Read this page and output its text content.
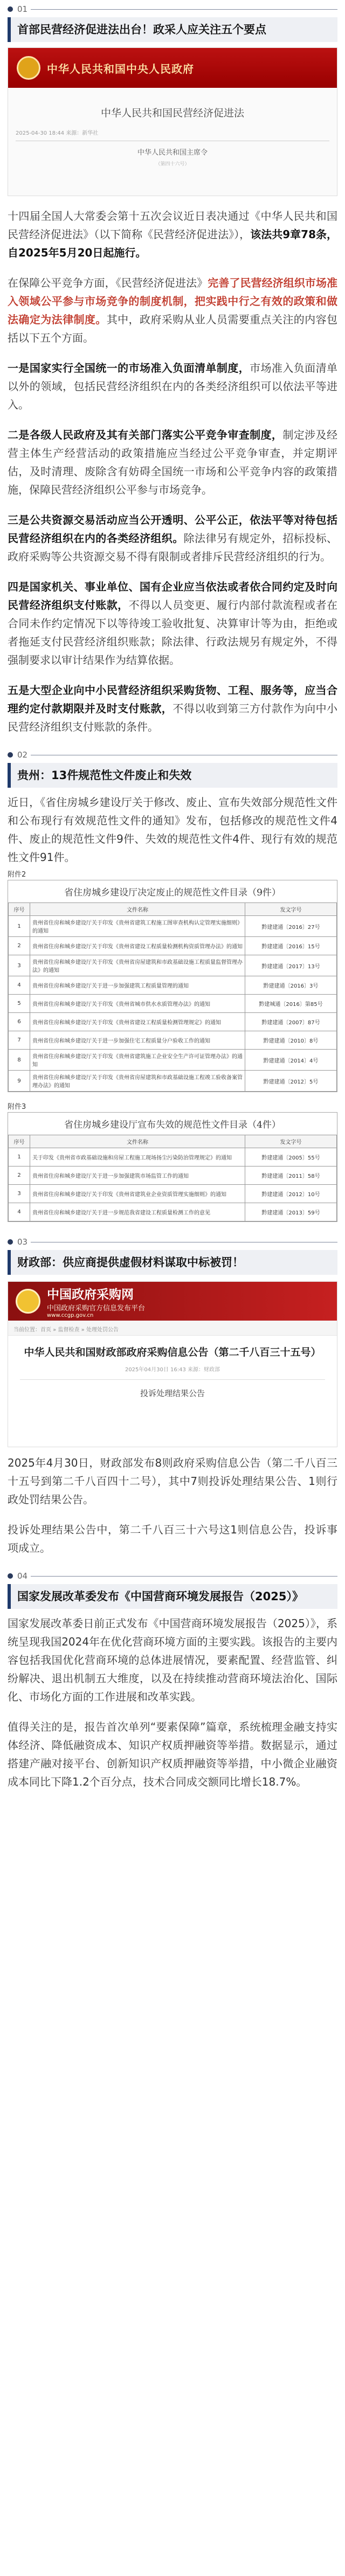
01
首部民营经济促进法出台！政采人应关注五个要点
中华人民共和国中央人民政府
中华人民共和国民营经济促进法
2025-04-30 18:44 来源：新华社
中华人民共和国主席令
（第四十六号）

十四届全国人大常委会第十五次会议近日表决通过《中华人民共和国民营经济促进法》（以下简称《民营经济促进法》），该法共9章78条，自2025年5月20日起施行。

在保障公平竞争方面，《民营经济促进法》完善了民营经济组织市场准入领域公平参与市场竞争的制度机制，把实践中行之有效的政策和做法确定为法律制度。其中，政府采购从业人员需要重点关注的内容包括以下五个方面。

一是国家实行全国统一的市场准入负面清单制度，市场准入负面清单以外的领域，包括民营经济组织在内的各类经济组织可以依法平等进入。

二是各级人民政府及其有关部门落实公平竞争审查制度，制定涉及经营主体生产经营活动的政策措施应当经过公平竞争审查，并定期评估，及时清理、废除含有妨碍全国统一市场和公平竞争内容的政策措施，保障民营经济组织公平参与市场竞争。

三是公共资源交易活动应当公开透明、公平公正，依法平等对待包括民营经济组织在内的各类经济组织。除法律另有规定外，招标投标、政府采购等公共资源交易不得有限制或者排斥民营经济组织的行为。

四是国家机关、事业单位、国有企业应当依法或者依合同约定及时向民营经济组织支付账款，不得以人员变更、履行内部付款流程或者在合同未作约定情况下以等待竣工验收批复、决算审计等为由，拒绝或者拖延支付民营经济组织账款；除法律、行政法规另有规定外，不得强制要求以审计结果作为结算依据。

五是大型企业向中小民营经济组织采购货物、工程、服务等，应当合理约定付款期限并及时支付账款，不得以收到第三方付款作为向中小民营经济组织支付账款的条件。

02
贵州：13件规范性文件废止和失效

近日，《省住房城乡建设厅关于修改、废止、宣布失效部分规范性文件和公布现行有效规范性文件的通知》发布，包括修改的规范性文件4件、废止的规范性文件9件、失效的规范性文件4件、现行有效的规范性文件91件。

附件2
省住房城乡建设厅决定废止的规范性文件目录（9件）
序号	文件名称	发文字号
1	贵州省住房和城乡建设厅关于印发《贵州省建筑工程施工图审查机构认定管理实施细则》的通知	黔建建通〔2016〕27号
2	贵州省住房和城乡建设厅关于印发《贵州省建设工程质量检测机构资质管理办法》的通知	黔建建通〔2016〕15号
3	贵州省住房和城乡建设厅关于印发《贵州省房屋建筑和市政基础设施工程质量监督管理办法》的通知	黔建建通〔2017〕13号
4	贵州省住房和城乡建设厅关于进一步加强建筑工程质量管理的通知	黔建建通〔2016〕3号
5	贵州省住房和城乡建设厅关于印发《贵州省城市供水水质管理办法》的通知	黔建城通〔2016〕第85号
6	贵州省住房和城乡建设厅关于印发《贵州省建设工程质量检测管理规定》的通知	黔建建通〔2007〕87号
7	贵州省住房和城乡建设厅关于进一步加强住宅工程质量分户验收工作的通知	黔建建通〔2010〕8号
8	贵州省住房和城乡建设厅关于印发《贵州省建筑施工企业安全生产许可证管理办法》的通知	黔建建通〔2014〕4号
9	贵州省住房和城乡建设厅关于印发《贵州省房屋建筑和市政基础设施工程竣工验收备案管理办法》的通知	黔建建通〔2012〕5号
附件3
省住房城乡建设厅宣布失效的规范性文件目录（4件）
序号	文件名称	发文字号
1	关于印发《贵州省市政基础设施和房屋工程施工现场扬尘污染防治管理规定》的通知	黔建建通〔2005〕55号
2	贵州省住房和城乡建设厅关于进一步加强建筑市场监管工作的通知	黔建建通〔2011〕58号
3	贵州省住房和城乡建设厅关于印发《贵州省建筑业企业资质管理实施细则》的通知	黔建建通〔2012〕10号
4	贵州省住房和城乡建设厅关于进一步规范我省建设工程质量检测工作的意见	黔建建通〔2013〕59号
03
财政部：供应商提供虚假材料谋取中标被罚！
中国政府采购网
中国政府采购官方信息发布平台
www.ccgp.gov.cn
当前位置：首页 » 监督检查 » 处理处罚公告
中华人民共和国财政部政府采购信息公告（第二千八百三十五号）
2025年04月30日 16:43 来源：财政部
投诉处理结果公告

2025年4月30日，财政部发布8则政府采购信息公告（第二千八百三十五号到第二千八百四十二号），其中7则投诉处理结果公告、1则行政处罚结果公告。

投诉处理结果公告中，第二千八百三十六号这1则信息公告，投诉事项成立。

04
国家发展改革委发布《中国营商环境发展报告（2025）》

国家发展改革委日前正式发布《中国营商环境发展报告（2025）》，系统呈现我国2024年在优化营商环境方面的主要实践。该报告的主要内容包括我国优化营商环境的总体进展情况，要素配置、经营监管、纠纷解决、退出机制五大维度，以及在持续推动营商环境法治化、国际化、市场化方面的工作进展和改革实践。

值得关注的是，报告首次单列“要素保障”篇章，系统梳理金融支持实体经济、降低融资成本、知识产权质押融资等举措。数据显示，通过搭建产融对接平台、创新知识产权质押融资等举措，中小微企业融资成本同比下降1.2个百分点，技术合同成交额同比增长18.7%。
